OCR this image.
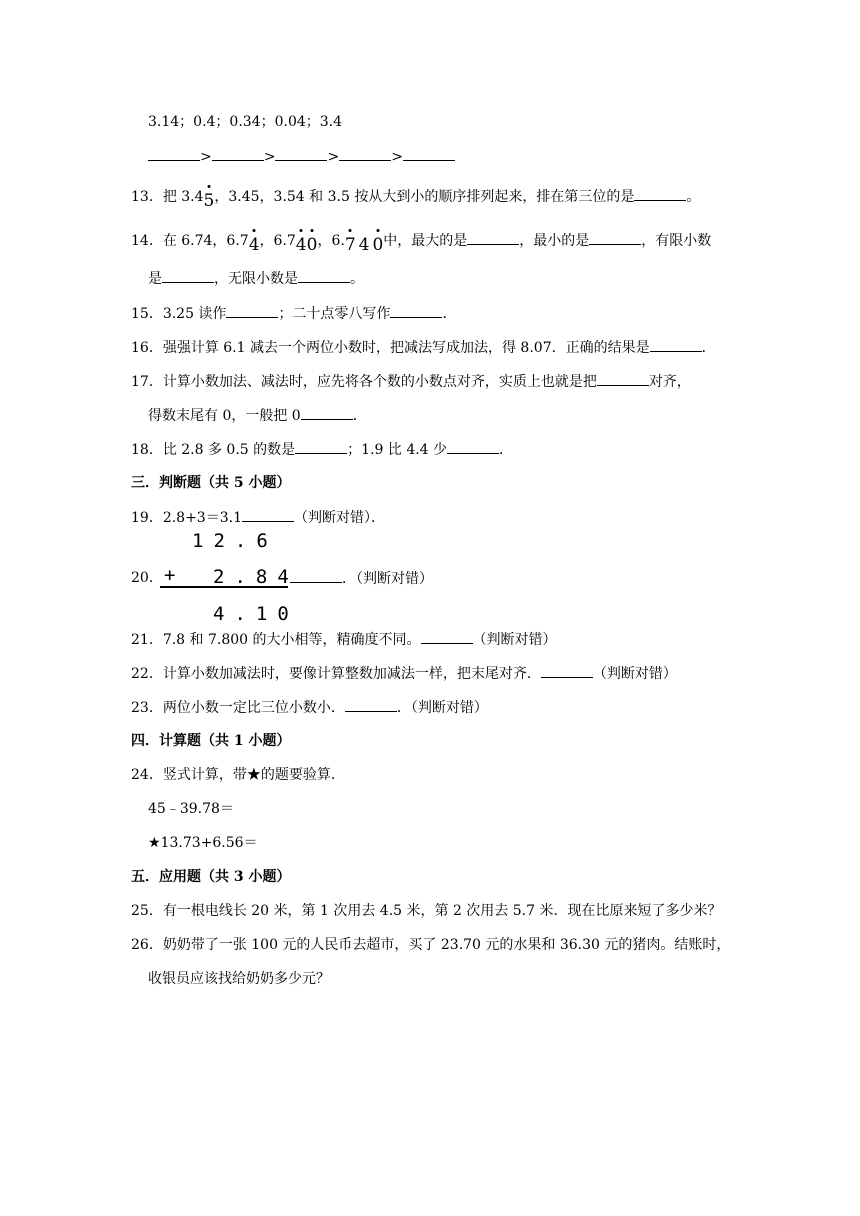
3.14；0.4；0.34；0.04；3.4
>	>	>	>
13．把 3.4
5，3.45，3.54 和 3.5 按从大到小的顺序排列起来，排在第三位的是	。
14．在 6.74，6.7
4，6.7
4
0，6.
7 4 0中，最大的是	，最小的是	，有限小数
是	，无限小数是	。
15．3.25 读作	；二十点零八写作	．
16．强强计算 6.1 减去一个两位小数时，把减法写成加法，得 8.07．正确的结果是	．
17．计算小数加法、减法时，应先将各个数的小数点对齐，实质上也就是把	对齐，
得数末尾有 0，一般把 0	．
18．比 2.8 多 0.5 的数是	；1.9 比 4.4 少	．
三．判断题（共 5 小题）
19．2.8+3＝3.1	（判断对错）．
12.6
20． + 2.84	．（判断对错）
4.10
21．7.8 和 7.800 的大小相等，精确度不同。	（判断对错）
22．计算小数加减法时，要像计算整数加减法一样，把末尾对齐．	（判断对错）
23．两位小数一定比三位小数小．	．（判断对错）
四．计算题（共 1 小题）
24．竖式计算，带★的题要验算．
45﹣39.78＝
★13.73+6.56＝
五．应用题（共 3 小题）
25．有一根电线长 20 米，第 1 次用去 4.5 米，第 2 次用去 5.7 米．现在比原来短了多少米？
26．奶奶带了一张 100 元的人民币去超市，买了 23.70 元的水果和 36.30 元的猪肉。结账时，
收银员应该找给奶奶多少元？
